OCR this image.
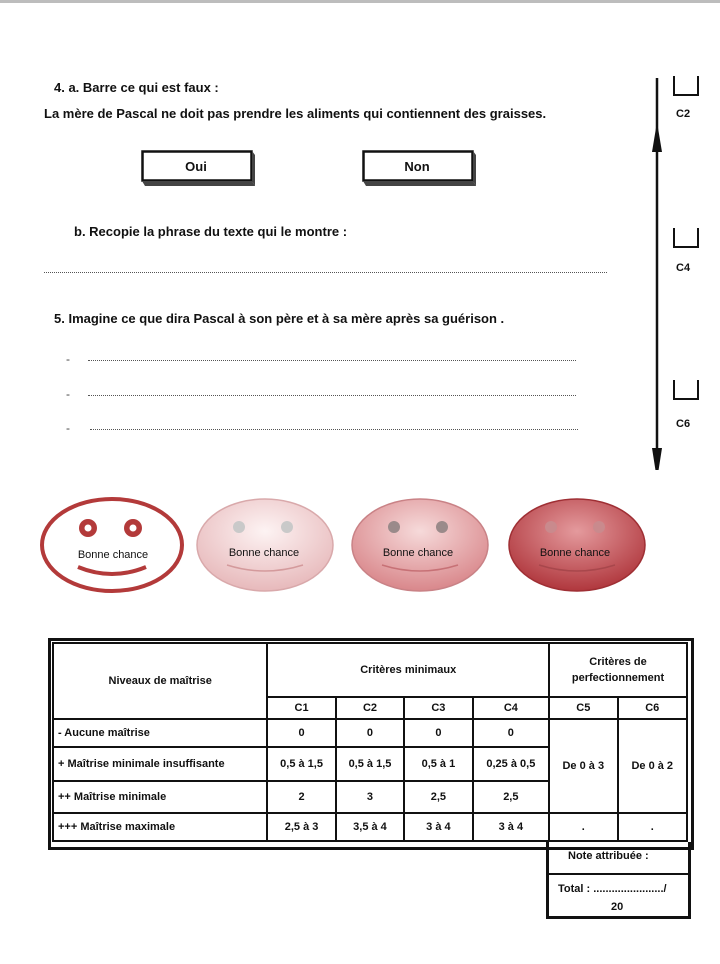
4. a. Barre ce qui est faux :
La mère de Pascal ne doit pas prendre les aliments qui contiennent des graisses.
Oui	Non
b. Recopie la phrase du texte qui le montre :
5. Imagine ce que dira Pascal à son père et à sa mère après sa guérison .
-
-
-
C2
C4
C6
Bonne chance	Bonne chance	Bonne chance	Bonne chance
Niveaux de maîtrise	Critères minimaux				Critères de perfectionnement	
	C1	C2	C3	C4	C5	C6
- Aucune maîtrise	0	0	0	0	De 0 à 3	De 0 à 2
+ Maîtrise minimale insuffisante	0,5 à 1,5	0,5 à 1,5	0,5 à 1	0,25 à 0,5		
++ Maîtrise minimale	2	3	2,5	2,5		
+++ Maîtrise maximale	2,5 à 3	3,5 à 4	3 à 4	3 à 4	.	.
Note attribuée :
Total : ......................./
20
